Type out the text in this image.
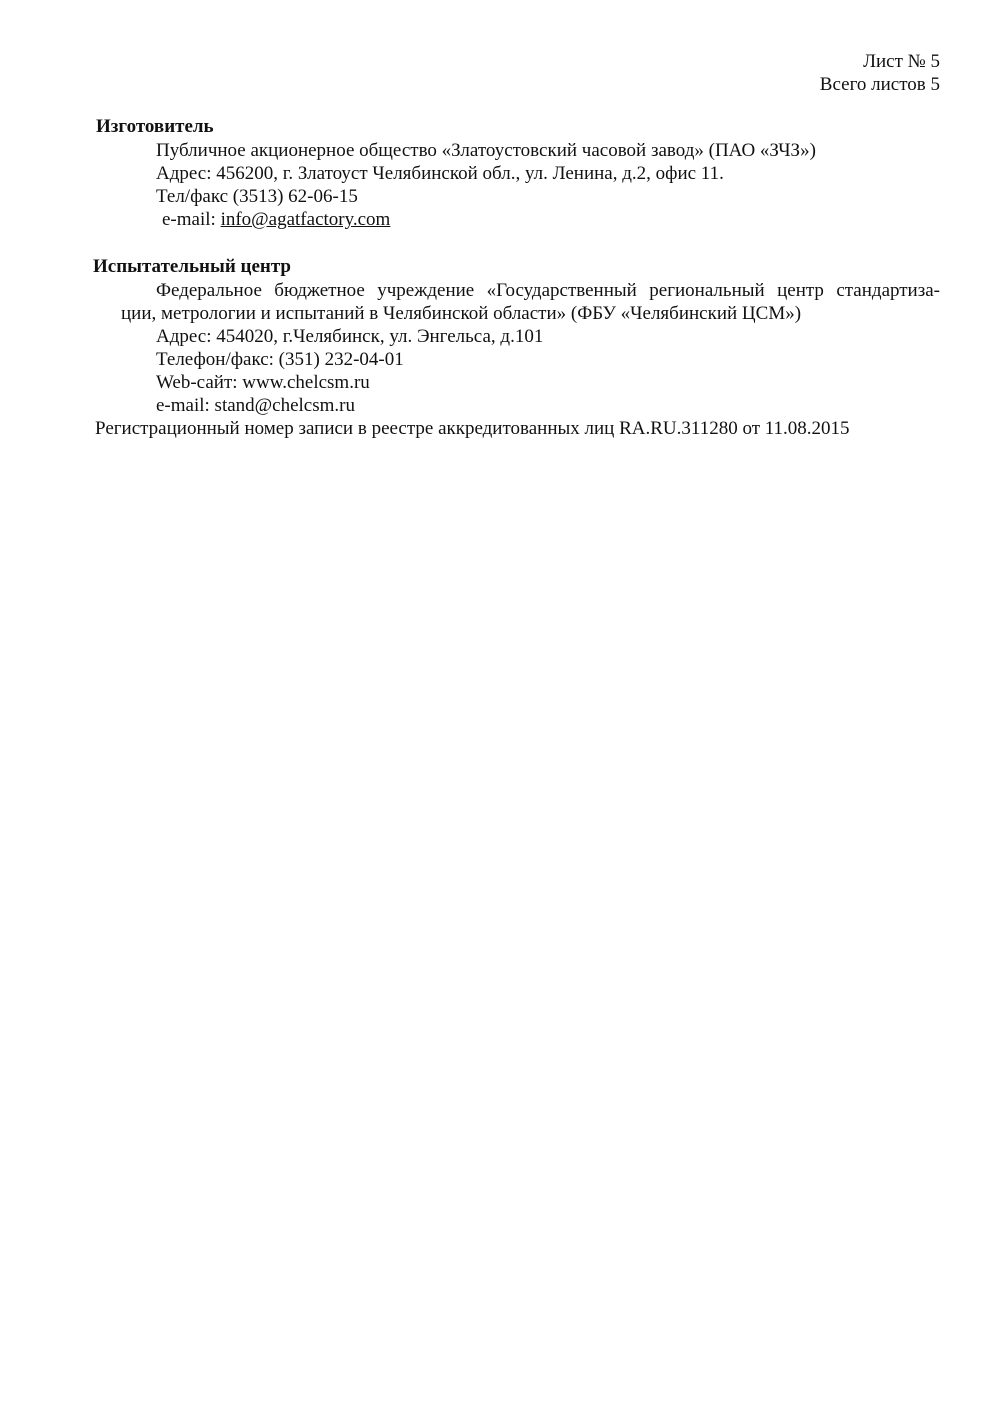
Лист № 5
Всего листов 5
Изготовитель
Публичное акционерное общество «Златоустовский часовой завод» (ПАО «ЗЧЗ»)
Адрес: 456200, г. Златоуст Челябинской обл., ул. Ленина, д.2, офис 11.
Тел/факс (3513) 62-06-15
e-mail: info@agatfactory.com
Испытательный центр
Федеральное бюджетное учреждение «Государственный региональный центр стандартиза-
ции, метрологии и испытаний в Челябинской области» (ФБУ «Челябинский ЦСМ»)
Адрес: 454020, г.Челябинск, ул. Энгельса, д.101
Телефон/факс: (351) 232-04-01
Web-сайт: www.chelcsm.ru
e-mail: stand@chelcsm.ru
Регистрационный номер записи в реестре аккредитованных лиц RA.RU.311280 от 11.08.2015
